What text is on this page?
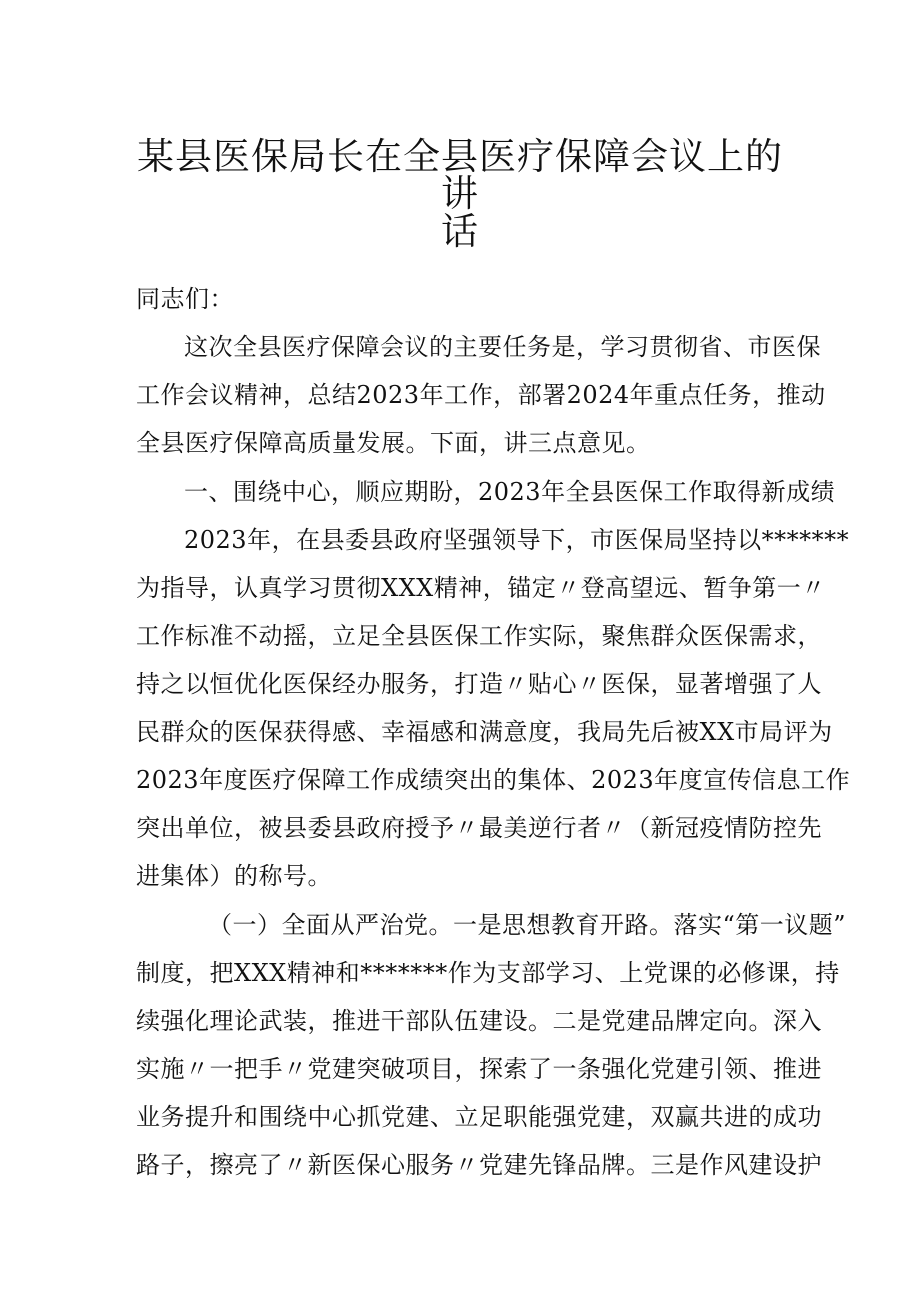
某县医保局长在全县医疗保障会议上的讲
话
同志们：
这次全县医疗保障会议的主要任务是，学习贯彻省、市医保
工作会议精神，总结2023年工作，部署2024年重点任务，推动
全县医疗保障高质量发展。下面，讲三点意见。
一、围绕中心，顺应期盼，2023年全县医保工作取得新成绩
2023年，在县委县政府坚强领导下，市医保局坚持以*******
为指导，认真学习贯彻XXX精神，锚定〃登高望远、暂争第一〃
工作标准不动摇，立足全县医保工作实际，聚焦群众医保需求，
持之以恒优化医保经办服务，打造〃贴心〃医保，显著增强了人
民群众的医保获得感、幸福感和满意度，我局先后被XX市局评为
2023年度医疗保障工作成绩突出的集体、2023年度宣传信息工作
突出单位，被县委县政府授予〃最美逆行者〃（新冠疫情防控先
进集体）的称号。
（一）全面从严治党。一是思想教育开路。落实“第一议题”
制度，把XXX精神和*******作为支部学习、上党课的必修课，持
续强化理论武装，推进干部队伍建设。二是党建品牌定向。深入
实施〃一把手〃党建突破项目，探索了一条强化党建引领、推进
业务提升和围绕中心抓党建、立足职能强党建，双赢共进的成功
路子，擦亮了〃新医保心服务〃党建先锋品牌。三是作风建设护
